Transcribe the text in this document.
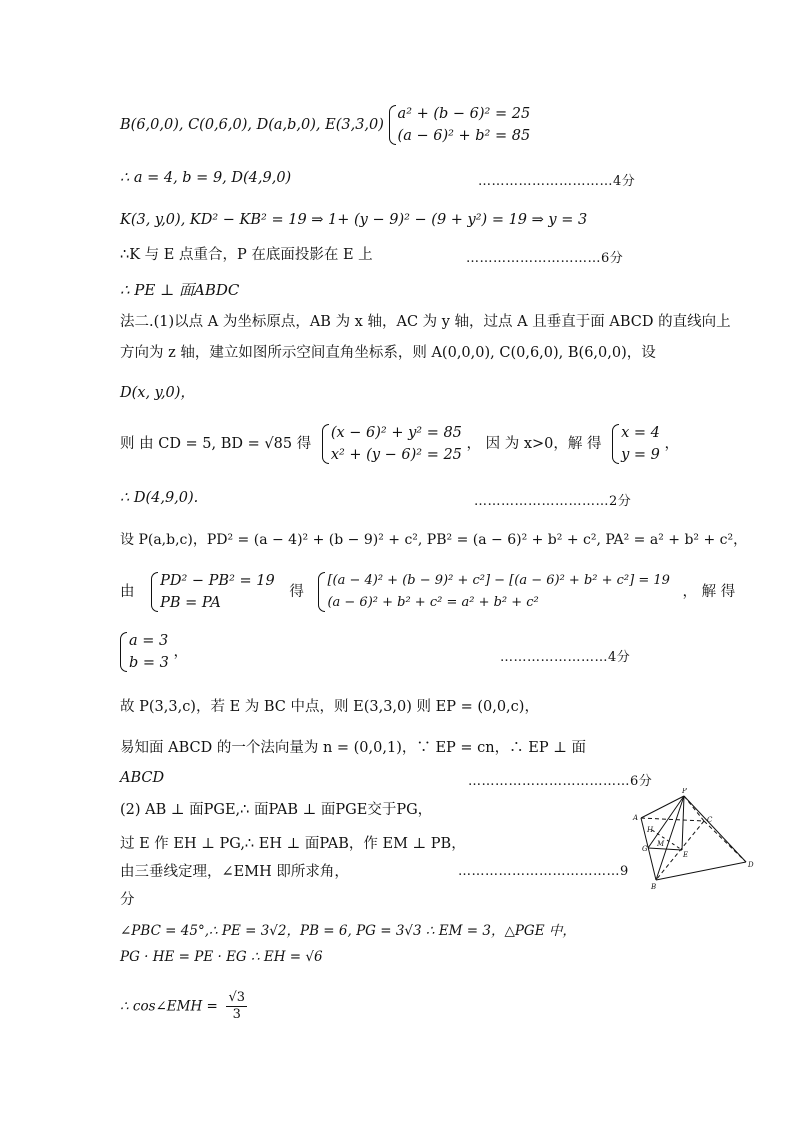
B(6,0,0), C(0,6,0), D(a,b,0), E(3,3,0)
a² + (b − 6)² = 25
(a − 6)² + b² = 85
∴ a = 4, b = 9, D(4,9,0)	…………………………4分
K(3, y,0), KD² − KB² = 19 ⇒ 1+ (y − 9)² − (9 + y²) = 19 ⇒ y = 3
∴K 与 E 点重合，P 在底面投影在 E 上	…………………………6分
∴ PE ⊥ 面ABDC
法二.(1)以点 A 为坐标原点，AB 为 x 轴，AC 为 y 轴，过点 A 且垂直于面 ABCD 的直线向上
方向为 z 轴，建立如图所示空间直角坐标系，则 A(0,0,0), C(0,6,0), B(6,0,0)，设
D(x, y,0)，
则 由 CD = 5, BD = √85 得
(x − 6)² + y² = 85
x² + (y − 6)² = 25
， 因 为 x>0，解 得
x = 4
y = 9
，
∴ D(4,9,0).	…………………………2分
设 P(a,b,c)，PD² = (a − 4)² + (b − 9)² + c², PB² = (a − 6)² + b² + c², PA² = a² + b² + c²，
由
PD² − PB² = 19
PB = PA
得
[(a − 4)² + (b − 9)² + c²] − [(a − 6)² + b² + c²] = 19
(a − 6)² + b² + c² = a² + b² + c²
， 解 得
a = 3
b = 3
，	……………………4分
故 P(3,3,c)，若 E 为 BC 中点，则 E(3,3,0) 则 EP = (0,0,c)，
易知面 ABCD 的一个法向量为 n = (0,0,1)，∵ EP = cn，∴ EP ⊥ 面
ABCD	………………………………6分
(2) AB ⊥ 面PGE,∴ 面PAB ⊥ 面PGE交于PG，
过 E 作 EH ⊥ PG,∴ EH ⊥ 面PAB，作 EM ⊥ PB，
由三垂线定理，∠EMH 即所求角，	………………………………9
分
∠PBC = 45°,∴ PE = 3√2，PB = 6, PG = 3√3 ∴ EM = 3，△PGE 中，
PG · HE = PE · EG ∴ EH = √6
∴ cos∠EMH = $\frac{√3}{3}$
P
A	C
H
G
M
E
B
D
